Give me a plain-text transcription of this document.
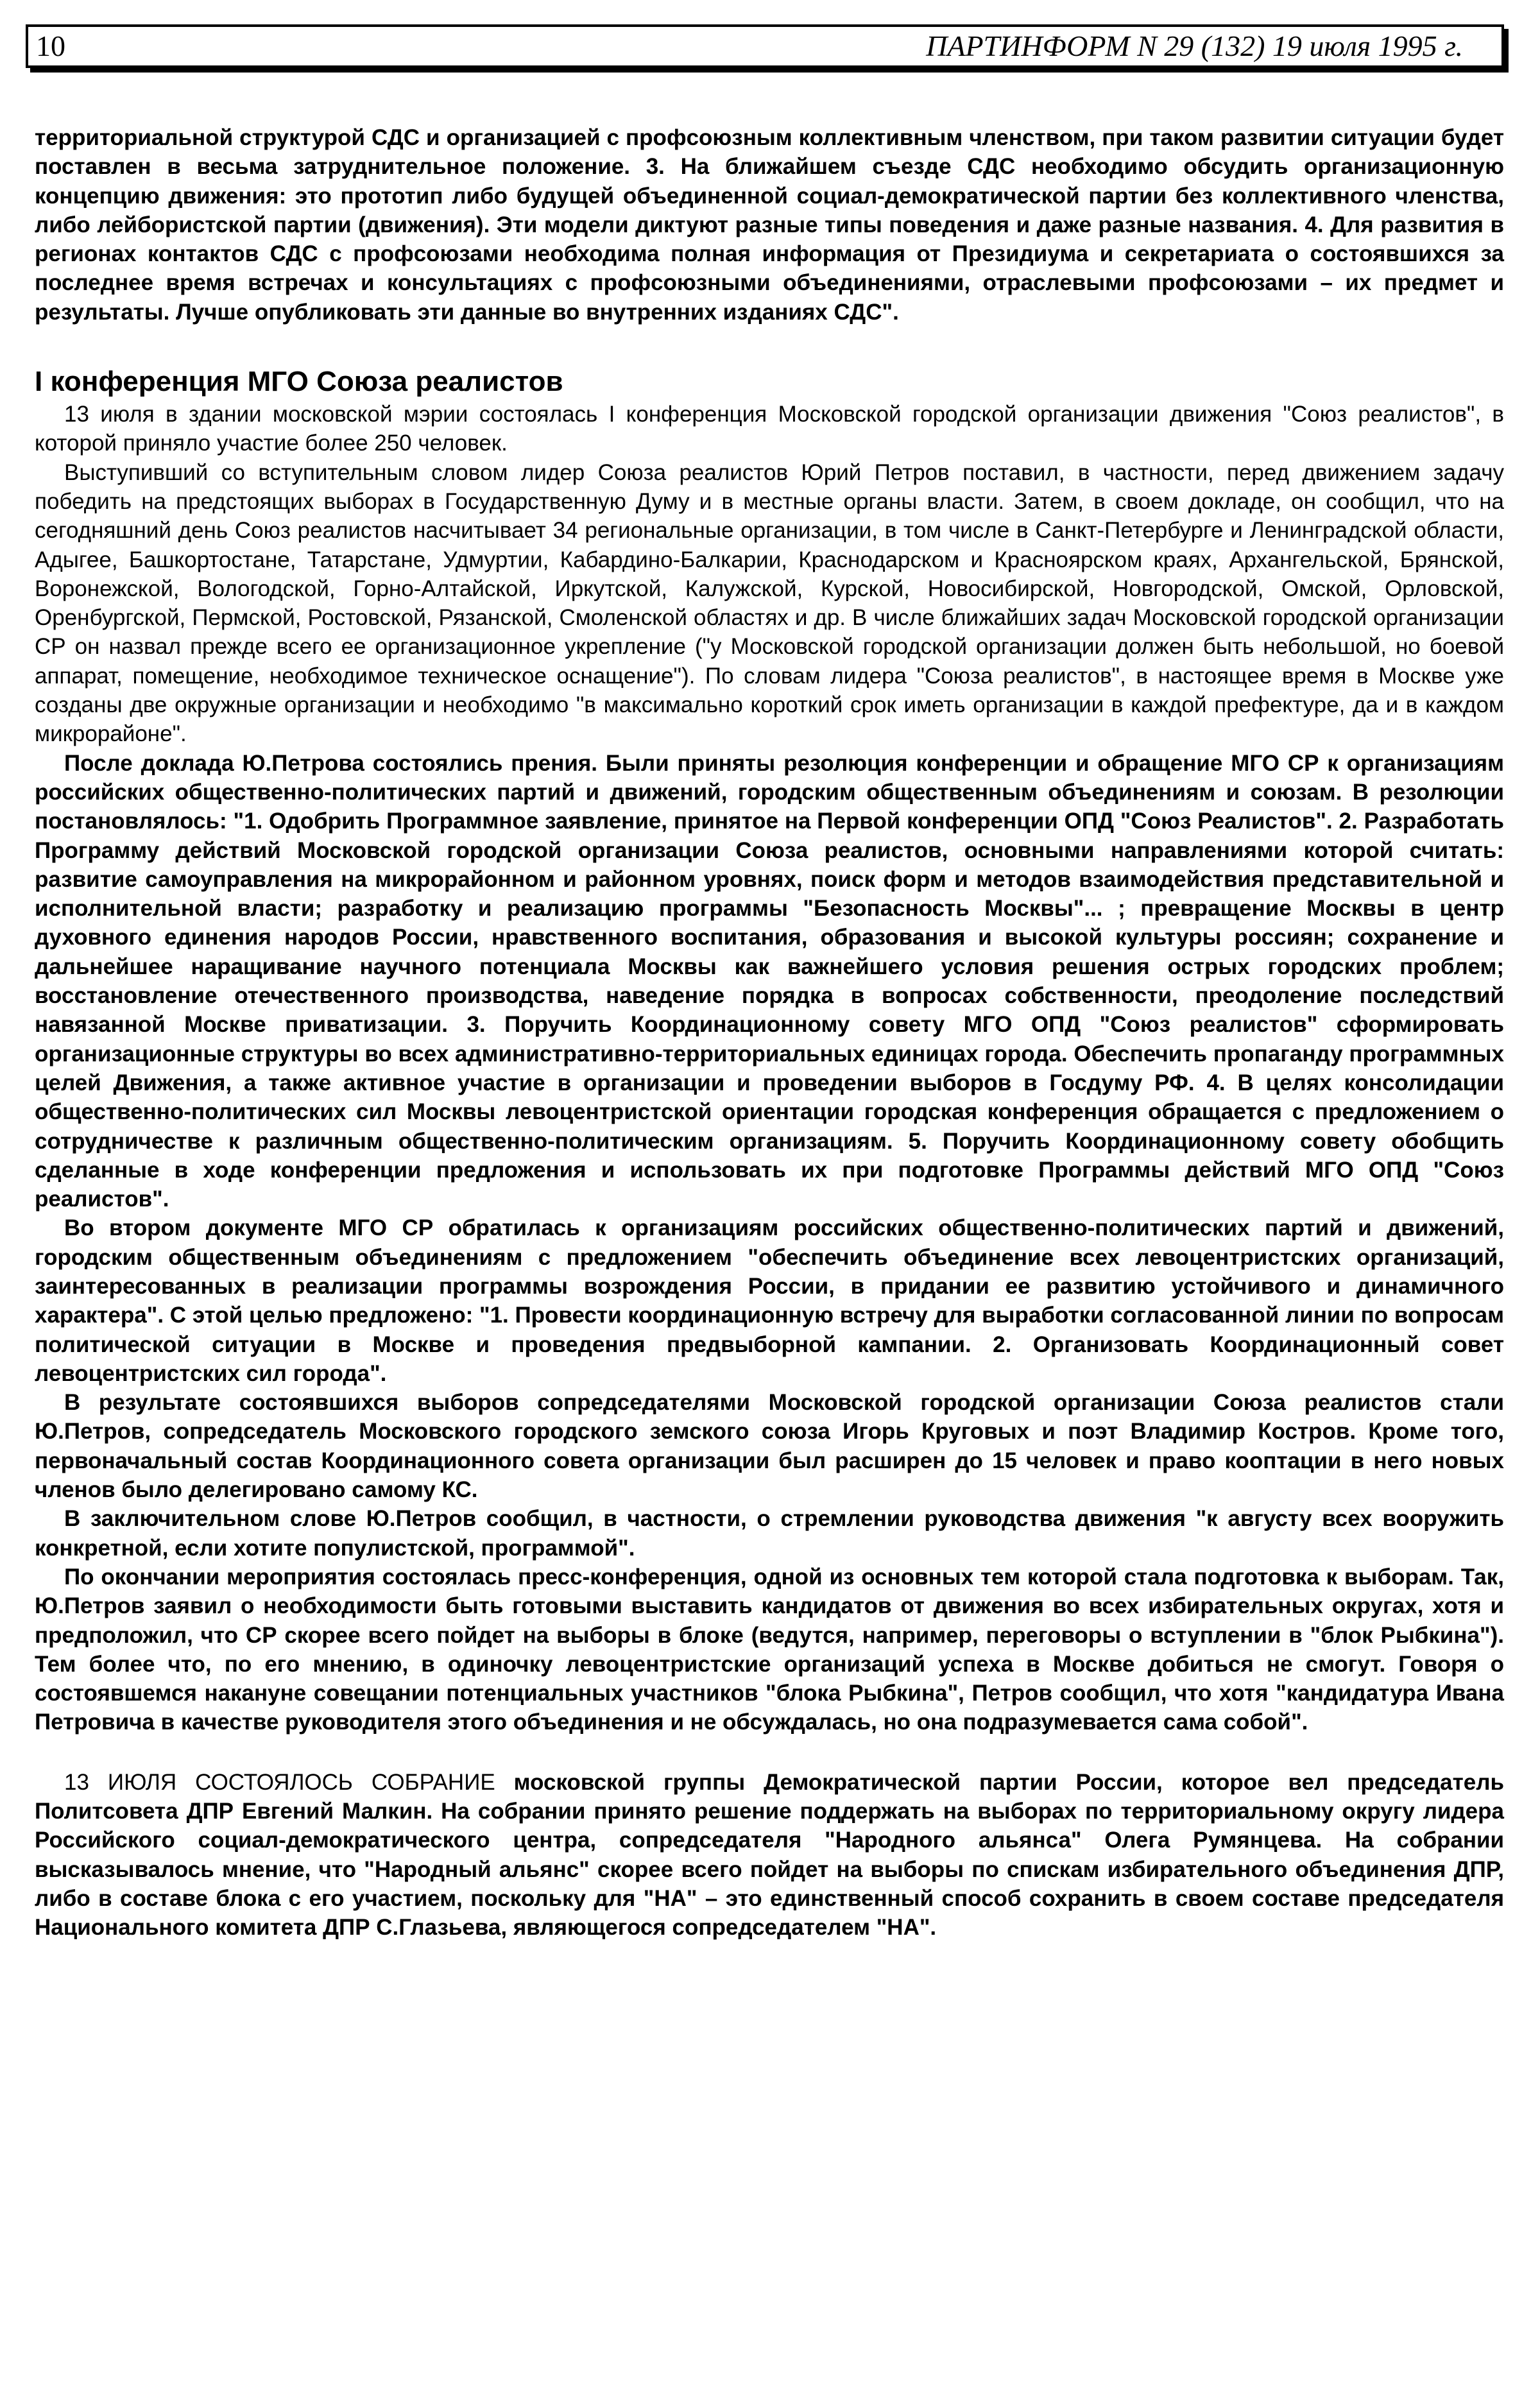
10	ПАРТИНФОРМ N 29 (132) 19 июля 1995 г.

территориальной структурой СДС и организацией с профсоюзным коллективным членством, при таком развитии ситуации будет поставлен в весьма затруднительное положение. 3. На ближайшем съезде СДС необходимо обсудить организационную концепцию движения: это прототип либо будущей объединенной социал-демократической партии без коллективного членства, либо лейбористской партии (движения). Эти модели диктуют разные типы поведения и даже разные названия. 4. Для развития в регионах контактов СДС с профсоюзами необходима полная информация от Президиума и секретариата о состоявшихся за последнее время встречах и консультациях с профсоюзными объединениями, отраслевыми профсоюзами – их предмет и результаты. Лучше опубликовать эти данные во внутренних изданиях СДС".

I конференция МГО Союза реалистов

13 июля в здании московской мэрии состоялась I конференция Московской городской организации движения "Союз реалистов", в которой приняло участие более 250 человек.

Выступивший со вступительным словом лидер Союза реалистов Юрий Петров поставил, в частности, перед движением задачу победить на предстоящих выборах в Государственную Думу и в местные органы власти. Затем, в своем докладе, он сообщил, что на сегодняшний день Союз реалистов насчитывает 34 региональные организации, в том числе в Санкт-Петербурге и Ленинградской области, Адыгее, Башкортостане, Татарстане, Удмуртии, Кабардино-Балкарии, Краснодарском и Красноярском краях, Архангельской, Брянской, Воронежской, Вологодской, Горно-Алтайской, Иркутской, Калужской, Курской, Новосибирской, Новгородской, Омской, Орловской, Оренбургской, Пермской, Ростовской, Рязанской, Смоленской областях и др. В числе ближайших задач Московской городской организации СР он назвал прежде всего ее организационное укрепление ("у Московской городской организации должен быть небольшой, но боевой аппарат, помещение, необходимое техническое оснащение"). По словам лидера "Союза реалистов", в настоящее время в Москве уже созданы две окружные организации и необходимо "в максимально короткий срок иметь организации в каждой префектуре, да и в каждом микрорайоне".

После доклада Ю.Петрова состоялись прения. Были приняты резолюция конференции и обращение МГО СР к организациям российских общественно-политических партий и движений, городским общественным объединениям и союзам. В резолюции постановлялось: "1. Одобрить Программное заявление, принятое на Первой конференции ОПД "Союз Реалистов". 2. Разработать Программу действий Московской городской организации Союза реалистов, основными направлениями которой считать: развитие самоуправления на микрорайонном и районном уровнях, поиск форм и методов взаимодействия представительной и исполнительной власти; разработку и реализацию программы "Безопасность Москвы"... ; превращение Москвы в центр духовного единения народов России, нравственного воспитания, образования и высокой культуры россиян; сохранение и дальнейшее наращивание научного потенциала Москвы как важнейшего условия решения острых городских проблем; восстановление отечественного производства, наведение порядка в вопросах собственности, преодоление последствий навязанной Москве приватизации. 3. Поручить Координационному совету МГО ОПД "Союз реалистов" сформировать организационные структуры во всех административно-территориальных единицах города. Обеспечить пропаганду программных целей Движения, а также активное участие в организации и проведении выборов в Госдуму РФ. 4. В целях консолидации общественно-политических сил Москвы левоцентристской ориентации городская конференция обращается с предложением о сотрудничестве к различным общественно-политическим организациям. 5. Поручить Координационному совету обобщить сделанные в ходе конференции предложения и использовать их при подготовке Программы действий МГО ОПД "Союз реалистов".

Во втором документе МГО СР обратилась к организациям российских общественно-политических партий и движений, городским общественным объединениям с предложением "обеспечить объединение всех левоцентристских организаций, заинтересованных в реализации программы возрождения России, в придании ее развитию устойчивого и динамичного характера". С этой целью предложено: "1. Провести координационную встречу для выработки согласованной линии по вопросам политической ситуации в Москве и проведения предвыборной кампании. 2. Организовать Координационный совет левоцентристских сил города".

В результате состоявшихся выборов сопредседателями Московской городской организации Союза реалистов стали Ю.Петров, сопредседатель Московского городского земского союза Игорь Круговых и поэт Владимир Костров. Кроме того, первоначальный состав Координационного совета организации был расширен до 15 человек и право кооптации в него новых членов было делегировано самому КС.

В заключительном слове Ю.Петров сообщил, в частности, о стремлении руководства движения "к августу всех вооружить конкретной, если хотите популистской, программой".

По окончании мероприятия состоялась пресс-конференция, одной из основных тем которой стала подготовка к выборам. Так, Ю.Петров заявил о необходимости быть готовыми выставить кандидатов от движения во всех избирательных округах, хотя и предположил, что СР скорее всего пойдет на выборы в блоке (ведутся, например, переговоры о вступлении в "блок Рыбкина"). Тем более что, по его мнению, в одиночку левоцентристские организаций успеха в Москве добиться не смогут. Говоря о состоявшемся накануне совещании потенциальных участников "блока Рыбкина", Петров сообщил, что хотя "кандидатура Ивана Петровича в качестве руководителя этого объединения и не обсуждалась, но она подразумевается сама собой".

13 ИЮЛЯ СОСТОЯЛОСЬ СОБРАНИЕ московской группы Демократической партии России, которое вел председатель Политсовета ДПР Евгений Малкин. На собрании принято решение поддержать на выборах по территориальному округу лидера Российского социал-демократического центра, сопредседателя "Народного альянса" Олега Румянцева. На собрании высказывалось мнение, что "Народный альянс" скорее всего пойдет на выборы по спискам избирательного объединения ДПР, либо в составе блока с его участием, поскольку для "НА" – это единственный способ сохранить в своем составе председателя Национального комитета ДПР С.Глазьева, являющегося сопредседателем "НА".
